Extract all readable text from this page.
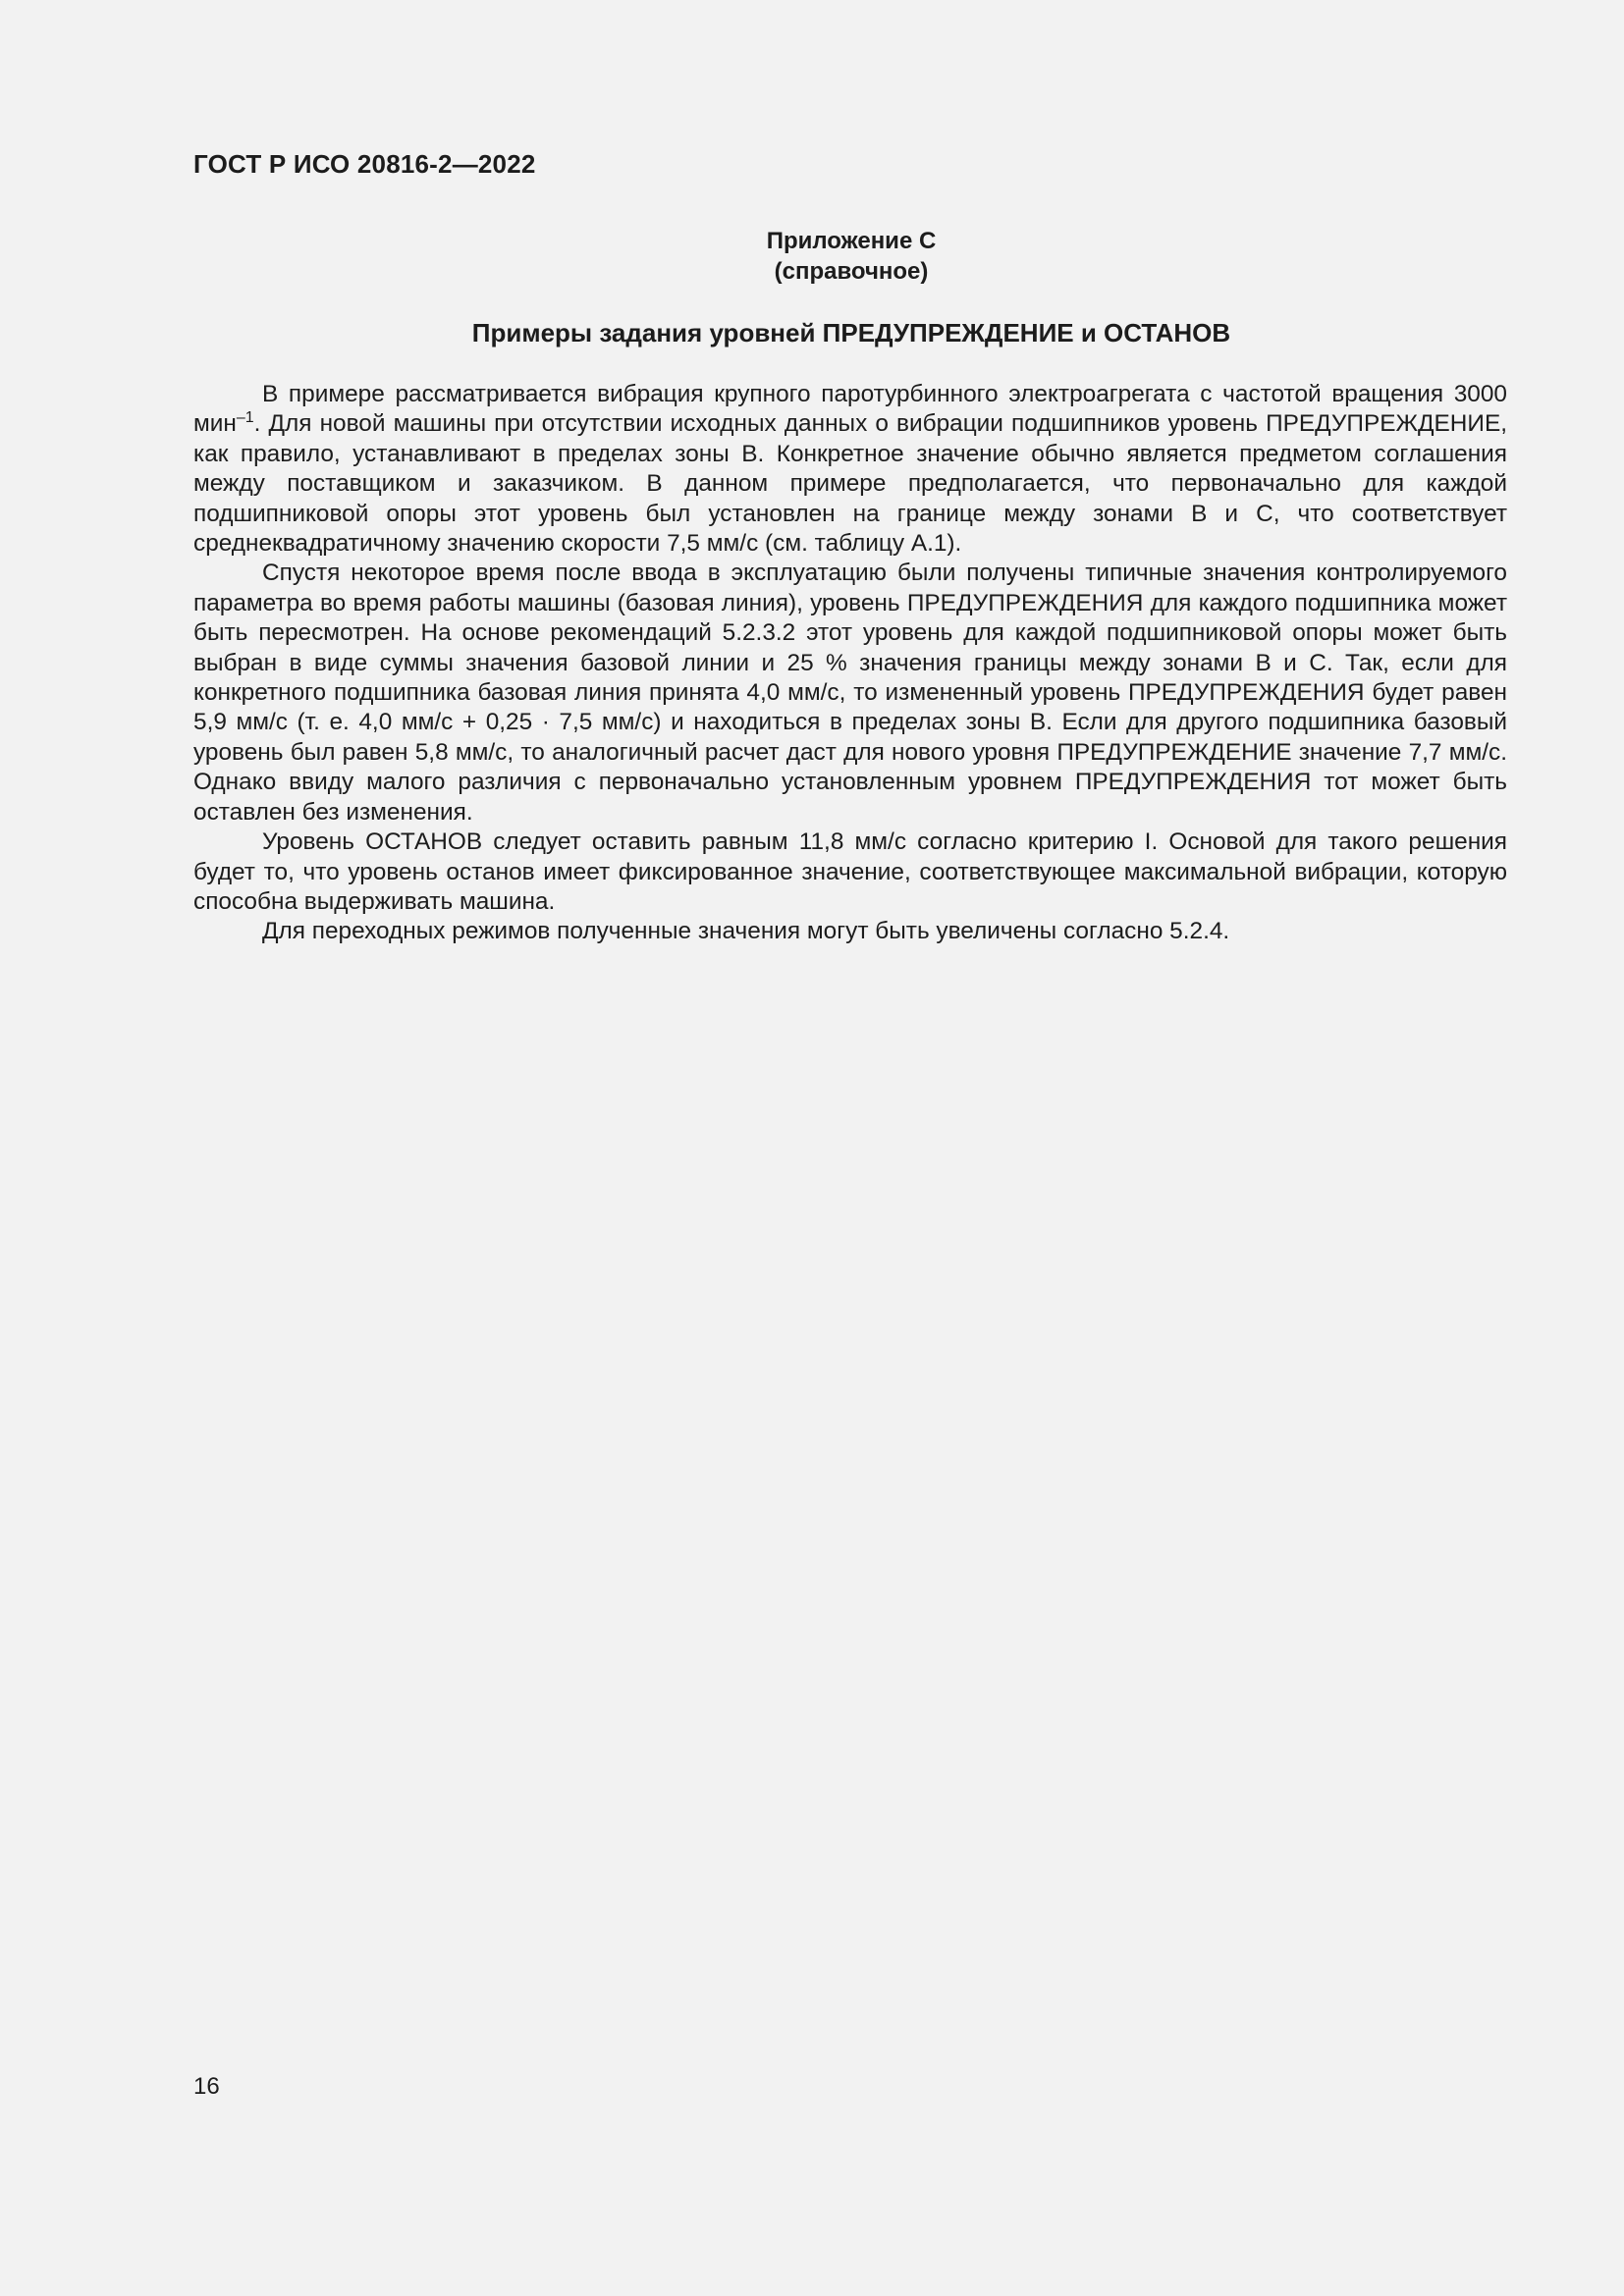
ГОСТ Р ИСО 20816-2—2022
Приложение С
(справочное)
Примеры задания уровней ПРЕДУПРЕЖДЕНИЕ и ОСТАНОВ

В примере рассматривается вибрация крупного паротурбинного электроагрегата с частотой вращения 3000 мин$^{-1}$. Для новой машины при отсутствии исходных данных о вибрации подшипников уровень ПРЕДУПРЕЖДЕНИЕ, как правило, устанавливают в пределах зоны В. Конкретное значение обычно является предметом соглашения между поставщиком и заказчиком. В данном примере предполагается, что первоначально для каждой подшипниковой опоры этот уровень был установлен на границе между зонами В и С, что соответствует среднеквадратичному значению скорости 7,5 мм/с (см. таблицу А.1).

Спустя некоторое время после ввода в эксплуатацию были получены типичные значения контролируемого параметра во время работы машины (базовая линия), уровень ПРЕДУПРЕЖДЕНИЯ для каждого подшипника может быть пересмотрен. На основе рекомендаций 5.2.3.2 этот уровень для каждой подшипниковой опоры может быть выбран в виде суммы значения базовой линии и 25 % значения границы между зонами В и С. Так, если для конкретного подшипника базовая линия принята 4,0 мм/с, то измененный уровень ПРЕДУПРЕЖДЕНИЯ будет равен 5,9 мм/с (т. е. 4,0 мм/с + 0,25 · 7,5 мм/с) и находиться в пределах зоны В. Если для другого подшипника базовый уровень был равен 5,8 мм/с, то аналогичный расчет даст для нового уровня ПРЕДУПРЕЖДЕНИЕ значение 7,7 мм/с. Однако ввиду малого различия с первоначально установленным уровнем ПРЕДУПРЕЖДЕНИЯ тот может быть оставлен без изменения.

Уровень ОСТАНОВ следует оставить равным 11,8 мм/с согласно критерию I. Основой для такого решения будет то, что уровень останов имеет фиксированное значение, соответствующее максимальной вибрации, которую способна выдерживать машина.

Для переходных режимов полученные значения могут быть увеличены согласно 5.2.4.

16
